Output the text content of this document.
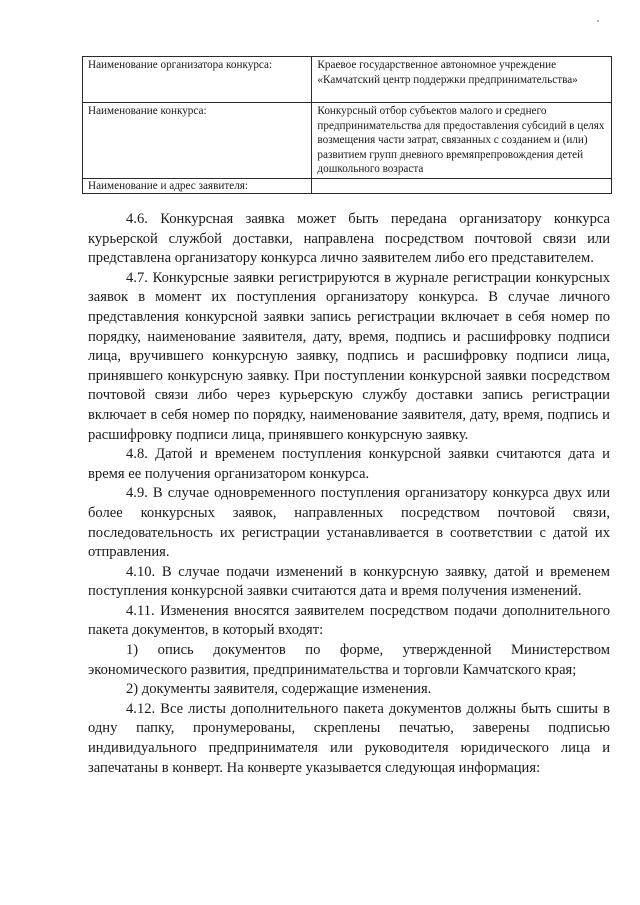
Наименование организатора конкурса:	Краевое государственное автономное учреждение «Камчатский центр поддержки предпринимательства»
Наименование конкурса:	Конкурсный отбор субъектов малого и среднего предпринимательства для предоставления субсидий в целях возмещения части затрат, связанных с созданием и (или) развитием групп дневного времяпрепровождения детей дошкольного возраста
Наименование и адрес заявителя:	

4.6. Конкурсная заявка может быть передана организатору конкурса курьерской службой доставки, направлена посредством почтовой связи или представлена организатору конкурса лично заявителем либо его представителем.

4.7. Конкурсные заявки регистрируются в журнале регистрации конкурсных заявок в момент их поступления организатору конкурса. В случае личного представления конкурсной заявки запись регистрации включает в себя номер по порядку, наименование заявителя, дату, время, подпись и расшифровку подписи лица, вручившего конкурсную заявку, подпись и расшифровку подписи лица, принявшего конкурсную заявку. При поступлении конкурсной заявки посредством почтовой связи либо через курьерскую службу доставки запись регистрации включает в себя номер по порядку, наименование заявителя, дату, время, подпись и расшифровку подписи лица, принявшего конкурсную заявку.

4.8. Датой и временем поступления конкурсной заявки считаются дата и время ее получения организатором конкурса.

4.9. В случае одновременного поступления организатору конкурса двух или более конкурсных заявок, направленных посредством почтовой связи, последовательность их регистрации устанавливается в соответствии с датой их отправления.

4.10. В случае подачи изменений в конкурсную заявку, датой и временем поступления конкурсной заявки считаются дата и время получения изменений.

4.11. Изменения вносятся заявителем посредством подачи дополнительного пакета документов, в который входят:

1) опись документов по форме, утвержденной Министерством экономического развития, предпринимательства и торговли Камчатского края;

2) документы заявителя, содержащие изменения.

4.12. Все листы дополнительного пакета документов должны быть сшиты в одну папку, пронумерованы, скреплены печатью, заверены подписью индивидуального предпринимателя или руководителя юридического лица и запечатаны в конверт. На конверте указывается следующая информация:
